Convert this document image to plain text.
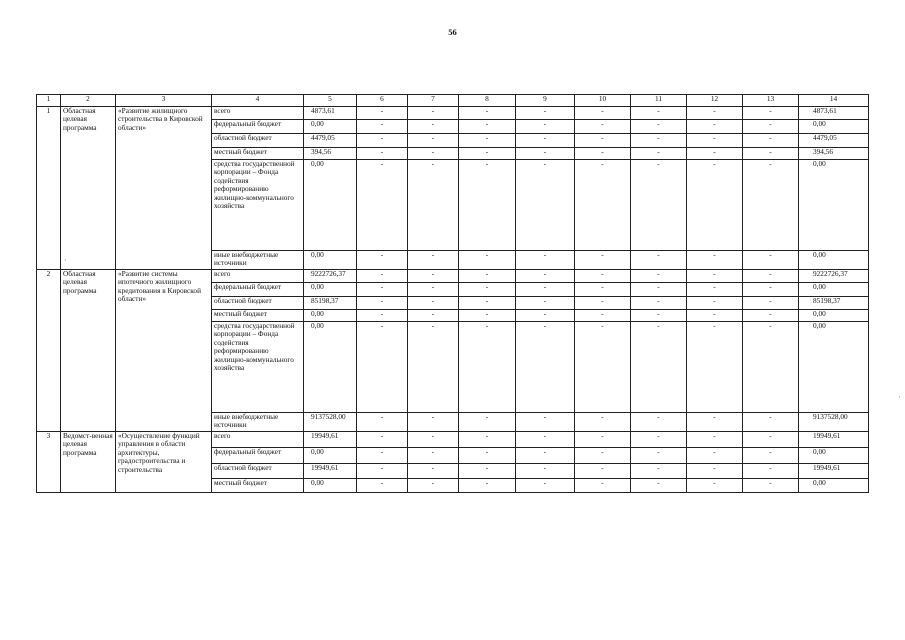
56
1	2	3	4	5	6	7	8	9	10	11	12	13	14
1	Областная целевая программа	«Развитие жилищного строительства в Кировской области»	всего	4873,61	-	-	-	-	-	-	-	-	4873,61
			федеральный бюджет	0,00	-	-	-	-	-	-	-	-	0,00
			областной бюджет	4479,05	-	-	-	-	-	-	-	-	4479,05
			местный бюджет	394,56	-	-	-	-	-	-	-	-	394,56
			средства государственной корпорации – Фонда содействия реформированию жилищно-коммунального хозяйства	0,00	-	-	-	-	-	-	-	-	0,00
			иные внебюджетные источники	0,00	-	-	-	-	-	-	-	-	0,00
2	Областная целевая программа	«Развитие системы ипотечного жилищного кредитования в Кировской области»	всего	9222726,37	-	-	-	-	-	-	-	-	9222726,37
			федеральный бюджет	0,00	-	-	-	-	-	-	-	-	0,00
			областной бюджет	85198,37	-	-	-	-	-	-	-	-	85198,37
			местный бюджет	0,00	-	-	-	-	-	-	-	-	0,00
			средства государственной корпорации – Фонда содействия реформированию жилищно-коммунального хозяйства	0,00	-	-	-	-	-	-	-	-	0,00
			иные внебюджетные источники	9137528,00	-	-	-	-	-	-	-	-	9137528,00
3	Ведомст-венная целевая программа	«Осуществление функций управления в области архитектуры, градостроительства и строительства	всего	19949,61	-	-	-	-	-	-	-	-	19949,61
			федеральный бюджет	0,00	-	-	-	-	-	-	-	-	0,00
			областной бюджет	19949,61	-	-	-	-	-	-	-	-	19949,61
			местный бюджет	0,00	-	-	-	-	-	-	-	-	0,00
·
·
